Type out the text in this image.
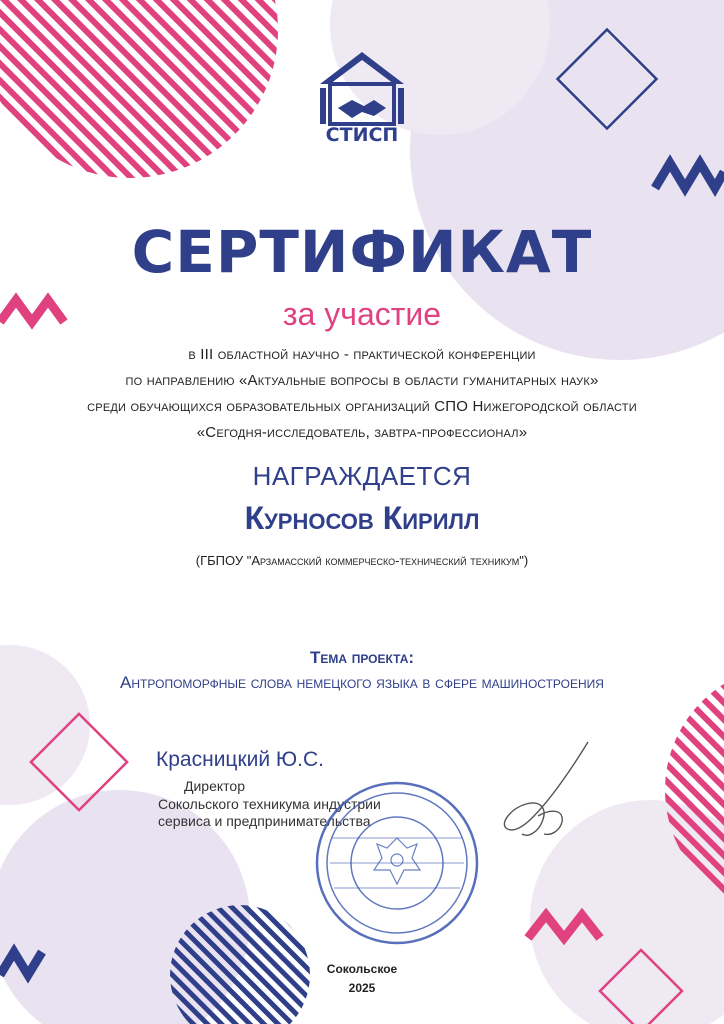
СТИСП
СЕРТИФИКАТ
за участие
в III областной научно - практической конференции
по направлению «Актуальные вопросы в области гуманитарных наук»
среди обучающихся образовательных организаций СПО Нижегородской области
«Сегодня-исследователь, завтра-профессионал»
НАГРАЖДАЕТСЯ
Курносов Кирилл
(ГБПОУ "Арзамасский коммерческо-технический техникум")
Тема проекта:
Антропоморфные слова немецкого языка в сфере машиностроения
Красницкий Ю.С.
Директор
Сокольского техникума индустрии
сервиса и предпринимательства
Сокольское
2025
